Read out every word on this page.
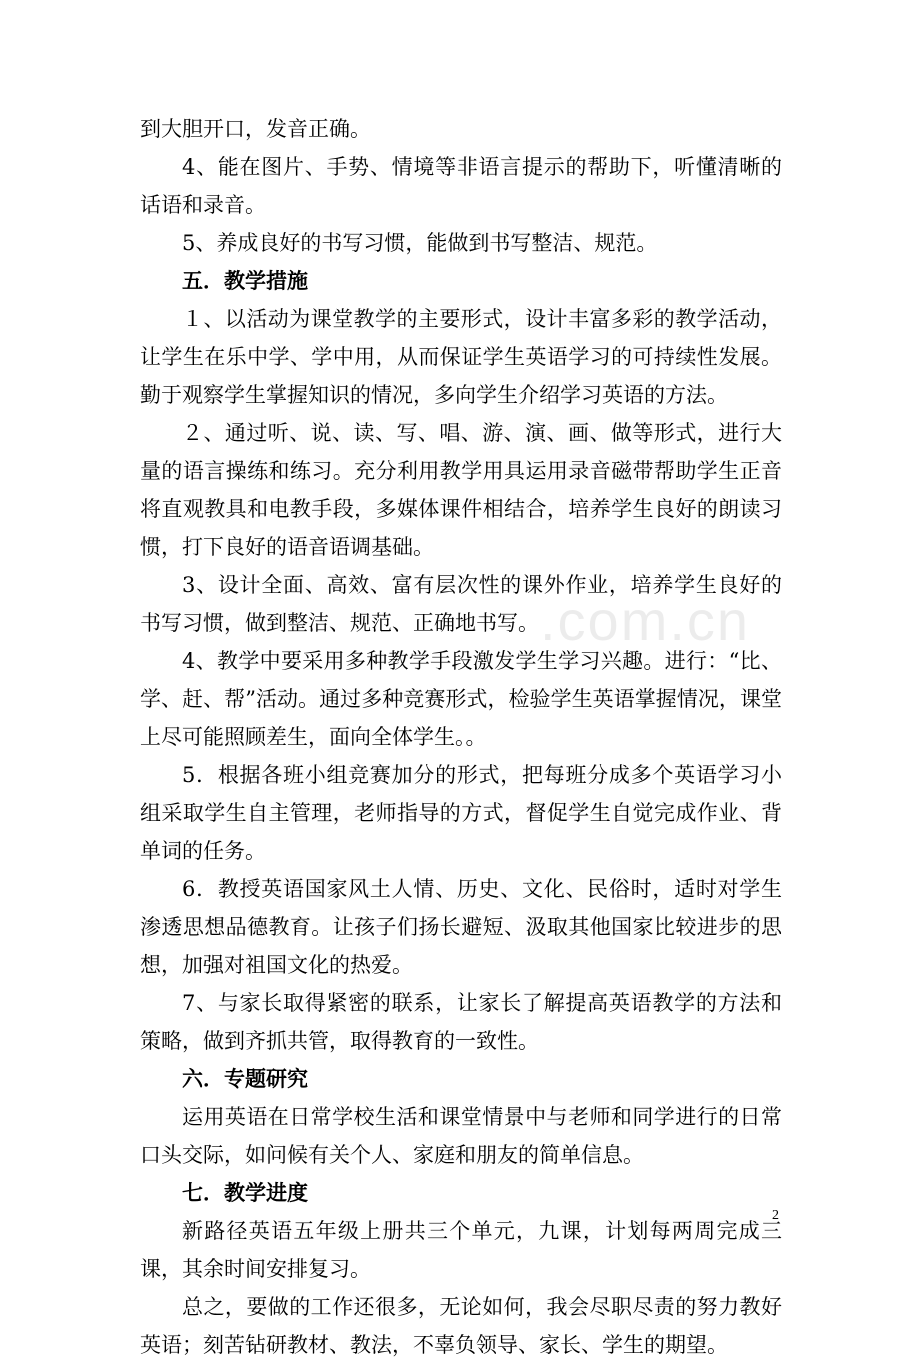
到大胆开口，发音正确。

4、能在图片、手势、情境等非语言提示的帮助下，听懂清晰的话语和录音。

5、养成良好的书写习惯，能做到书写整洁、规范。

五．教学措施

１、以活动为课堂教学的主要形式，设计丰富多彩的教学活动，让学生在乐中学、学中用，从而保证学生英语学习的可持续性发展。勤于观察学生掌握知识的情况，多向学生介绍学习英语的方法。

２、通过听、说、读、写、唱、游、演、画、做等形式，进行大量的语言操练和练习。充分利用教学用具运用录音磁带帮助学生正音将直观教具和电教手段，多媒体课件相结合，培养学生良好的朗读习惯，打下良好的语音语调基础。

3、设计全面、高效、富有层次性的课外作业，培养学生良好的书写习惯，做到整洁、规范、正确地书写。

4、教学中要采用多种教学手段激发学生学习兴趣。进行：“比、学、赶、帮”活动。通过多种竞赛形式，检验学生英语掌握情况，课堂上尽可能照顾差生，面向全体学生。。

5．根据各班小组竞赛加分的形式，把每班分成多个英语学习小组采取学生自主管理，老师指导的方式，督促学生自觉完成作业、背单词的任务。

6．教授英语国家风土人情、历史、文化、民俗时，适时对学生渗透思想品德教育。让孩子们扬长避短、汲取其他国家比较进步的思想，加强对祖国文化的热爱。

7、与家长取得紧密的联系，让家长了解提高英语教学的方法和策略，做到齐抓共管，取得教育的一致性。

六．专题研究

运用英语在日常学校生活和课堂情景中与老师和同学进行的日常口头交际，如问候有关个人、家庭和朋友的简单信息。

七．教学进度

新路径英语五年级上册共三个单元，九课，计划每两周完成三课，其余时间安排复习。

总之，要做的工作还很多，无论如何，我会尽职尽责的努力教好英语；刻苦钻研教材、教法，不辜负领导、家长、学生的期望。

.com.cn
2
